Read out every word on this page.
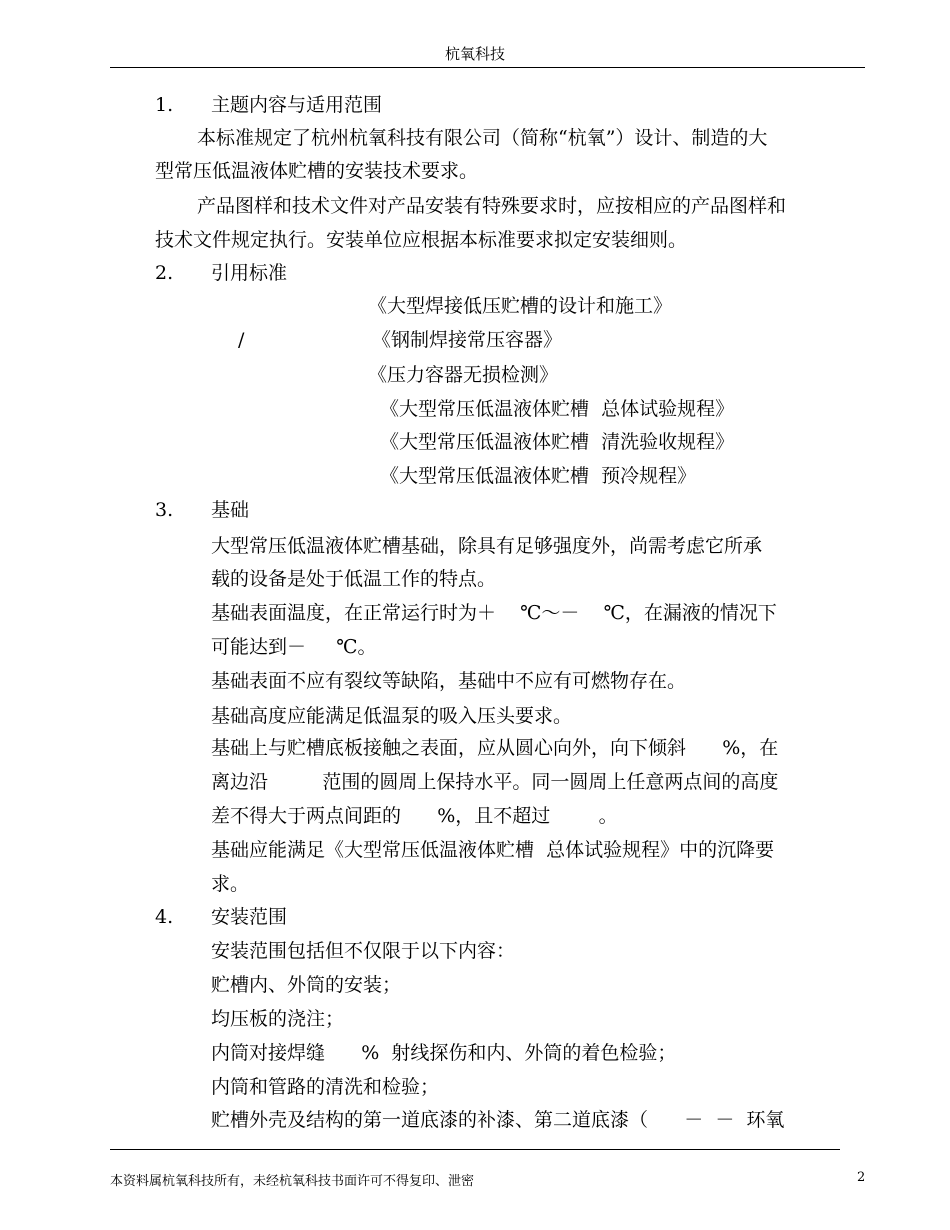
杭氧科技
1. 主题内容与适用范围
本标准规定了杭州杭氧科技有限公司（简称“杭氧”）设计、制造的大
型常压低温液体贮槽的安装技术要求。
产品图样和技术文件对产品安装有特殊要求时，应按相应的产品图样和
技术文件规定执行。安装单位应根据本标准要求拟定安装细则。
2. 引用标准
《大型焊接低压贮槽的设计和施工》
/	《钢制焊接常压容器》
《压力容器无损检测》
《大型常压低温液体贮槽  总体试验规程》
《大型常压低温液体贮槽  清洗验收规程》
《大型常压低温液体贮槽  预冷规程》
3. 基础
大型常压低温液体贮槽基础，除具有足够强度外，尚需考虑它所承
载的设备是处于低温工作的特点。
基础表面温度，在正常运行时为＋    ℃～－    ℃，在漏液的情况下
可能达到－     ℃。
基础表面不应有裂纹等缺陷，基础中不应有可燃物存在。
基础高度应能满足低温泵的吸入压头要求。
基础上与贮槽底板接触之表面，应从圆心向外，向下倾斜      %，在
离边沿         范围的圆周上保持水平。同一圆周上任意两点间的高度
差不得大于两点间距的      %，且不超过        。
基础应能满足《大型常压低温液体贮槽  总体试验规程》中的沉降要
求。
4. 安装范围
安装范围包括但不仅限于以下内容：
贮槽内、外筒的安装；
均压板的浇注；
内筒对接焊缝      %  射线探伤和内、外筒的着色检验；
内筒和管路的清洗和检验；
贮槽外壳及结构的第一道底漆的补漆、第二道底漆（      －  －  环氧
本资料属杭氧科技所有，未经杭氧科技书面许可不得复印、泄密	2
